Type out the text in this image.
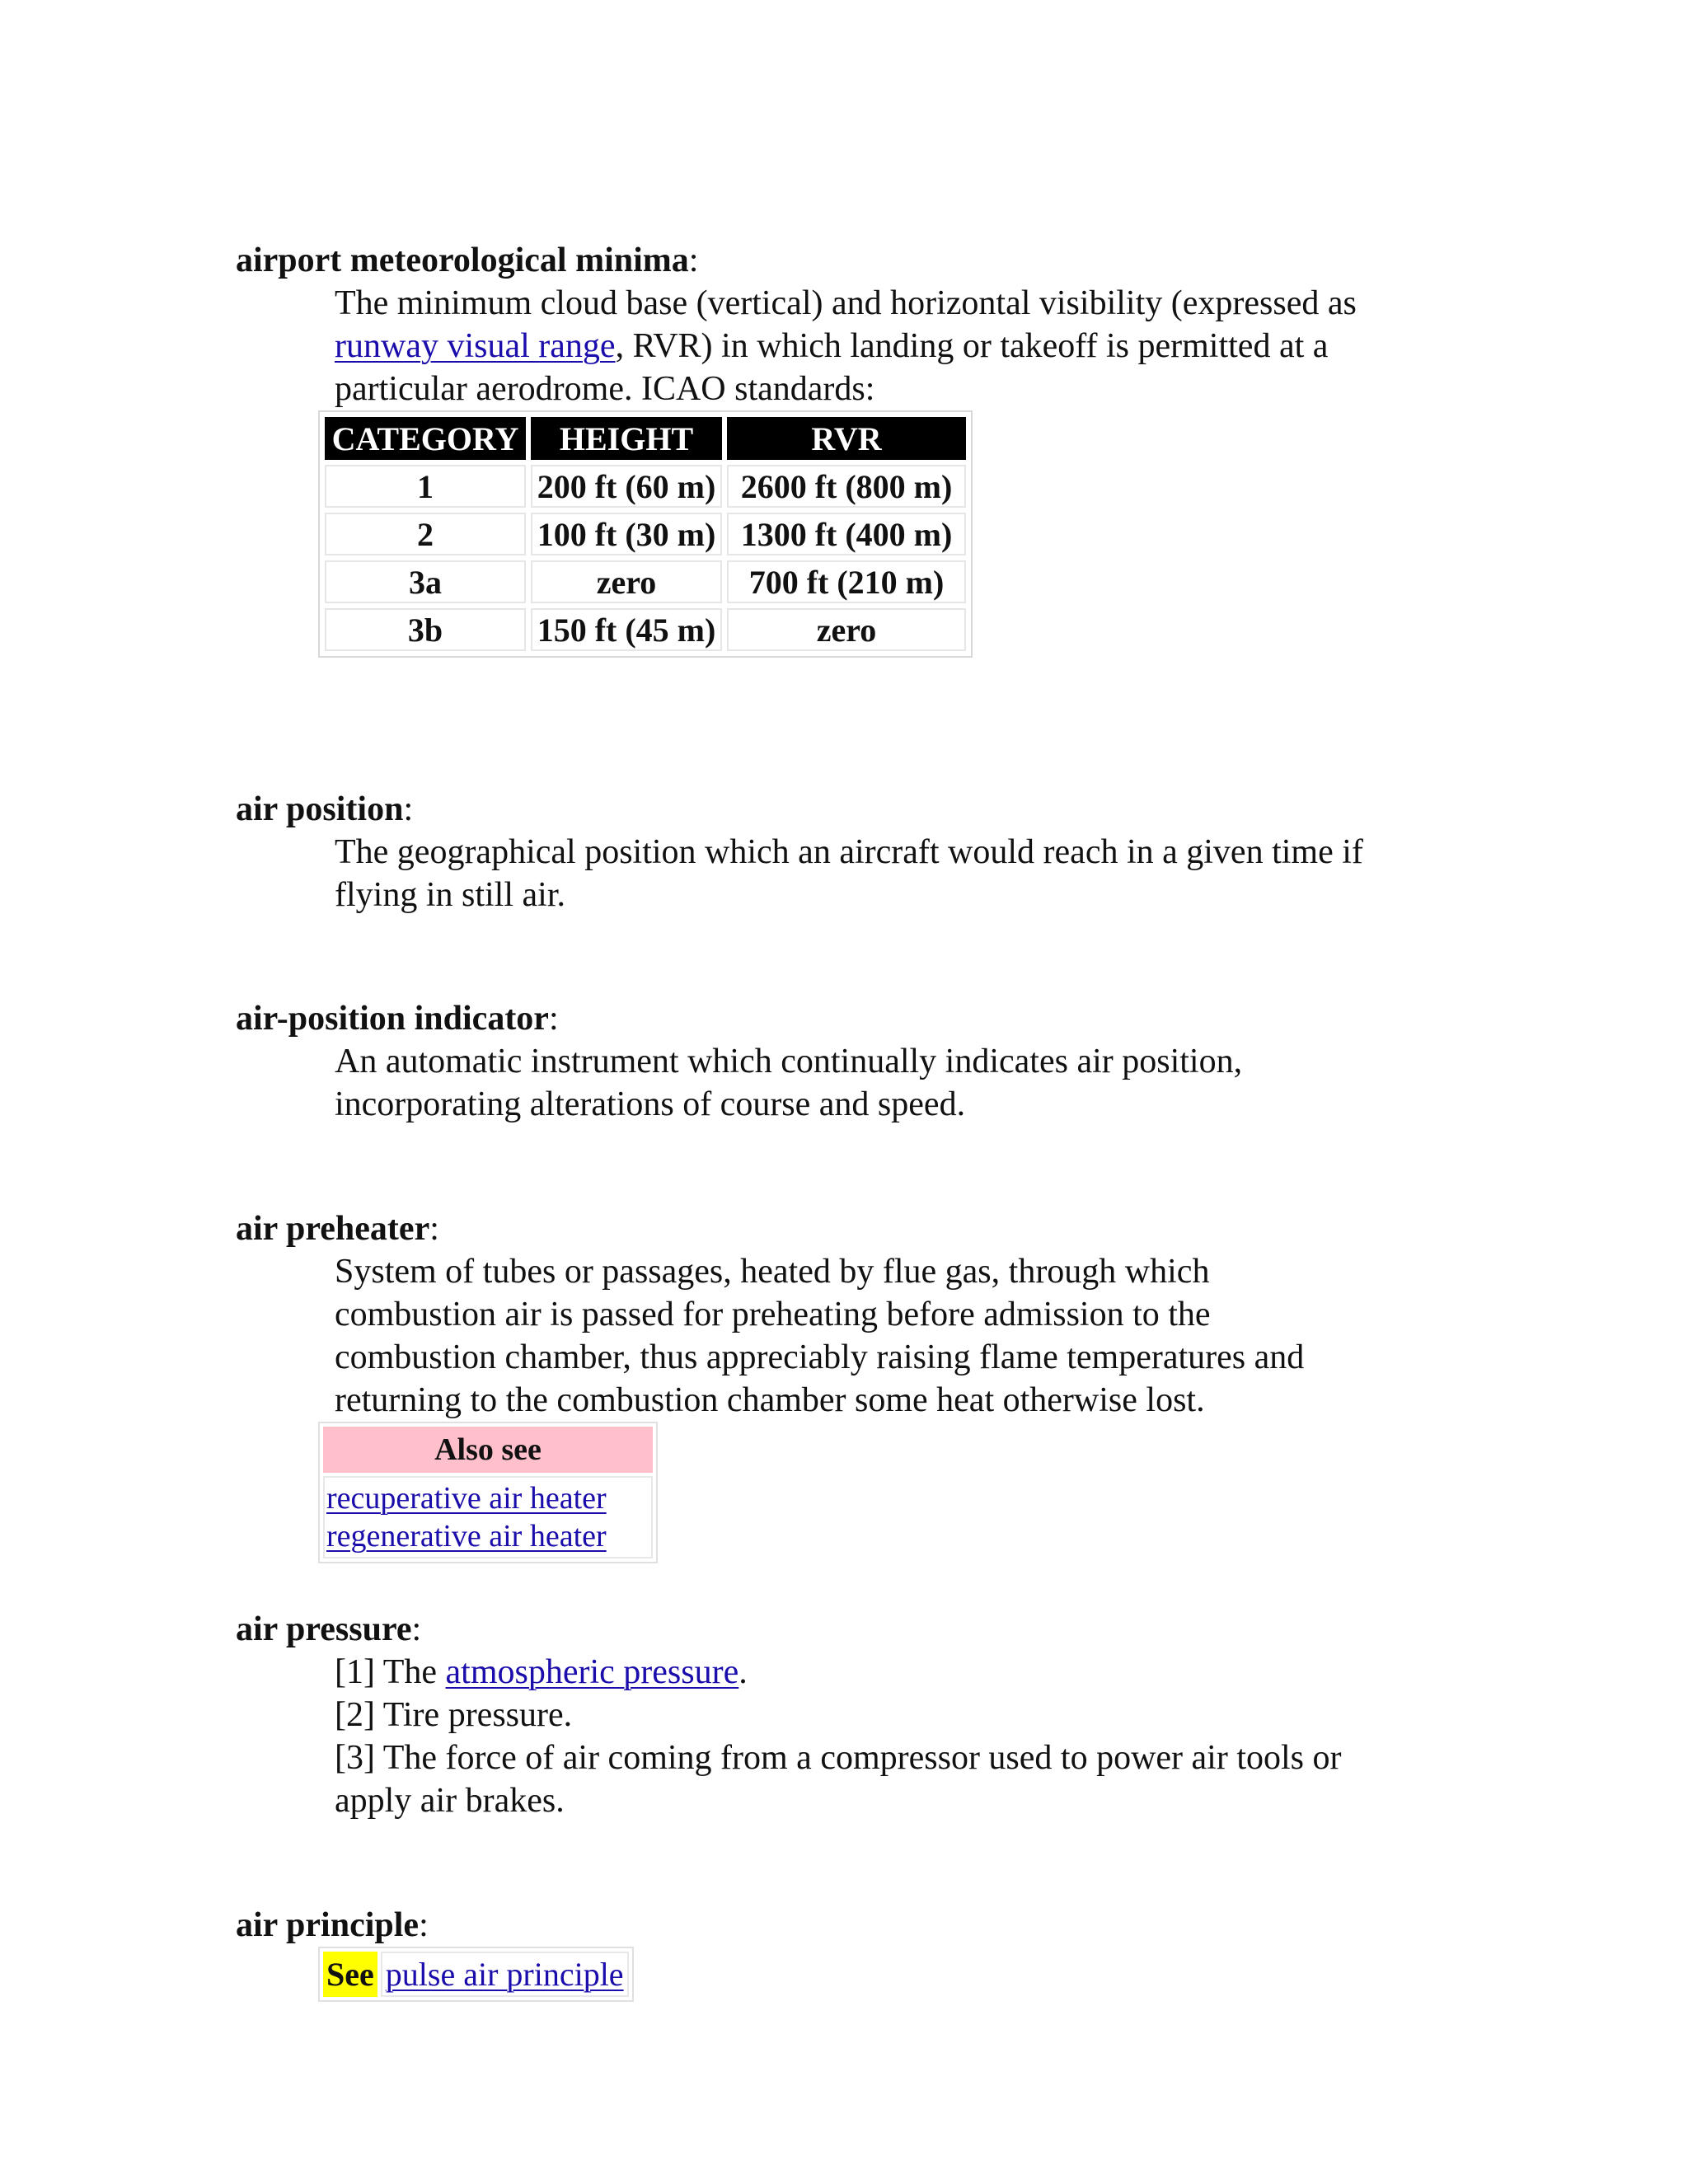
airport meteorological minima:
The minimum cloud base (vertical) and horizontal visibility (expressed as
runway visual range, RVR) in which landing or takeoff is permitted at a
particular aerodrome. ICAO standards:
CATEGORY	HEIGHT	RVR
1	200 ft (60 m)	2600 ft (800 m)
2	100 ft (30 m)	1300 ft (400 m)
3a	zero	700 ft (210 m)
3b	150 ft (45 m)	zero
air position:
The geographical position which an aircraft would reach in a given time if
flying in still air.
air-position indicator:
An automatic instrument which continually indicates air position,
incorporating alterations of course and speed.
air preheater:
System of tubes or passages, heated by flue gas, through which
combustion air is passed for preheating before admission to the
combustion chamber, thus appreciably raising flame temperatures and
returning to the combustion chamber some heat otherwise lost.
Also see

recuperative air heater
regenerative air heater
air pressure:
[1] The atmospheric pressure.
[2] Tire pressure.
[3] The force of air coming from a compressor used to power air tools or
apply air brakes.
air principle:
See	pulse air principle
